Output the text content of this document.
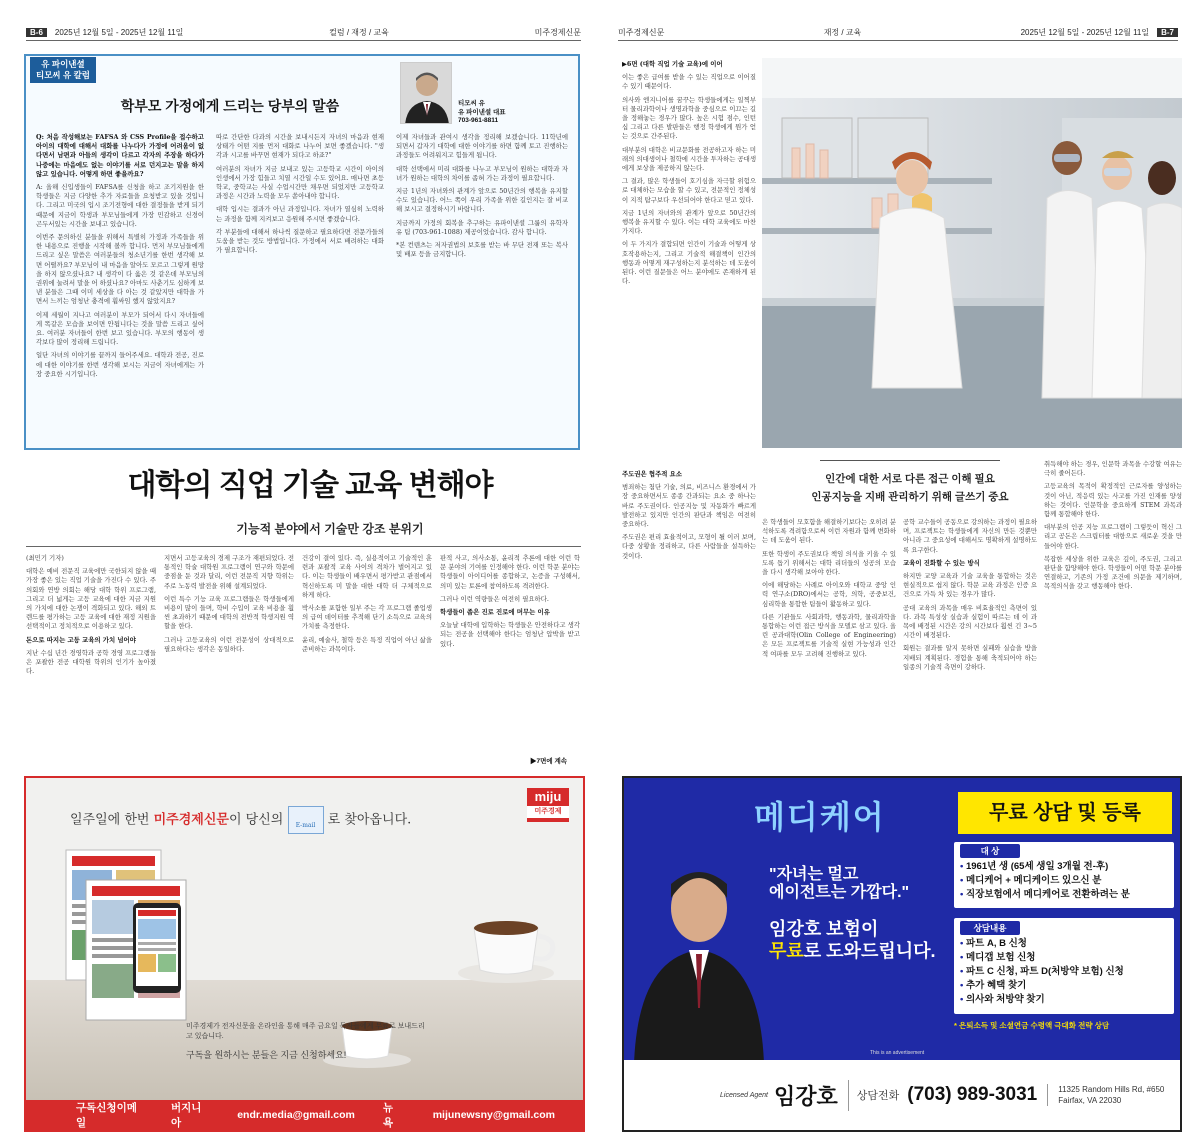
B-6	2025년 12월 5일 - 2025년 12월 11일	컬럼 / 재정 / 교육	미주경제신문
유 파이낸셜
티모씨 유 칼럼
학부모 가정에게 드리는 당부의 말씀	티모씨 유
유 파이낸셜 대표
703-961-8811

Q: 처음 작성해보는 FAFSA 와 CSS Profile을 접수하고 아이의 대학에 대해서 대화를 나누다가 가정에 어려움이 없다면서 남편과 아들의 생각이 다르고 각자의 주장을 하다가 나중에는 마음에도 없는 이야기를 서로 던지고는 말을 하지 않고 있습니다. 어떻게 하면 좋을까요?

A: 올해 신입생들이 FAFSA를 신청을 하고 조기지원을 한 학생들은 지금 다양한 추가 자료들을 요청받고 있을 것입니다. 그리고 미국의 입시 조기전형에 대한 결정들을 받게 되기 때문에 지금이 학생과 부모님들에게 가장 민감하고 신경이 곤두서있는 시간을 보내고 있습니다.

이번주 문의하신 분들을 위해서 특별히 가정과 가족들을 위한 내용으로 진행을 시작해 볼까 합니다. 먼저 부모님들에게 드리고 싶은 말씀은 여러분들의 청소년기를 한번 생각해 보면 어떨까요? 부모님이 내 마음을 알아도 모르고 그렇게 원망을 하지 않으셨나요? 내 생각이 다 옳은 것 같은데 부모님의 권위에 눌려서 말을 어 하셨나요? 아마도 사춘기도 심하게 보낸 분들은 그때 이미 세상을 다 아는 것 같았지만 대학을 가면서 느끼는 엄청난 충격에 휩싸임 했지 않았지요?

이제 세월이 지나고 여러분이 부모가 되어서 다시 자녀들에게 똑같은 모습을 보이면 안됩니다는 것을 말씀 드리고 싶어요. 여러분 자녀들이 한번 보고 있습니다. 부모의 행동이 생각보다 많이 정리해 드립니다.

일단 자녀의 이야기를 끝까지 들어주세요. 대학과 전공, 진로에 대한 이야기를 한번 생각해 보시는 지금이 자녀에게는 가장 중요한 시기입니다.

따로 간단한 다과의 시간을 보내시든지 자녀의 마음과 현재 상태가 어떤 지를 먼저 대화로 나누어 보면 좋겠습니다. "생각과 시고를 바꾸면 현재가 되다고 하죠?"

여러분의 자녀가 지금 보내고 있는 고등학교 시간이 아이의 인생에서 가장 힘들고 치열 시간일 수도 있어요. 매나면 초등학교, 중학교는 사실 수업시간만 채우면 되었지만 고등학교 과정은 시간과 노력을 모두 쏟아내야 합니다.

대학 입시는 결과가 아닌 과정입니다. 자녀가 열심히 노력하는 과정을 함께 지켜보고 응원해 주시면 좋겠습니다.

각 부분들에 대해서 하나씩 질문하고 필요하다면 전문가들의 도움을 받는 것도 방법입니다. 가정에서 서로 배려하는 대화가 필요합니다.

이제 자녀들과 관여시 생각을 정리해 보겠습니다. 11학년에 되면서 갑자기 대학에 대한 이야기를 하면 함께 토고 진행하는 과정들도 어려워지고 힘들게 됩니다.

대학 선택에서 미리 대화를 나누고 부모님이 원하는 대학과 자녀가 원하는 대학의 차이를 좁혀 가는 과정이 필요합니다.

지금 1년의 자녀와의 관계가 앞으로 50년간의 행복을 유지할 수도 있습니다. 어느 쪽이 우리 가족을 위한 길인지는 잘 비교해 보시고 결정하시기 바랍니다.

지금까지 가정의 회복을 추구하는 유파이낸셜 그룹의 유학자유 팀 (703-961-1088) 제공이었습니다. 감사 합니다.

*본 컨텐츠는 저자권법의 보호를 받는 바 무단 전재 또는 복사 및 배포 등을 금지합니다.

대학의 직업 기술 교육 변해야
기능적 분야에서 기술만 강조 분위기

(최민기 기자)

대학은 예비 전문직 교육에만 국한되지 않을 때 가장 좋은 있는 직업 기술을 가진다 수 있다. 주 의회와 연방 의회는 해당 대학 학위 프로그램, 그리고 더 넓게는 고등 교육에 대한 지금 지원의 가치에 대한 논쟁이 격화되고 있다. 해외 트렌드를 평가하는 고등 교육에 대한 재정 지원을 선택적이고 정치적으로 이용하고 있다.

돈으로 따지는 고등 교육의 가치 넘어야

지난 수십 년간 경영학과 공학 경영 프로그램들은 포괄한 전공 대학원 학위의 인기가 높아졌다.

지면서 고등교육의 경제 구조가 재편되었다. 전통적인 학술 대학원 프로그램이 연구와 학문에 중점을 둔 것과 달리, 이런 전문직 지향 학위는 주로 노동력 발전을 위해 설계되었다.

이런 특수 기능 교육 프로그램들은 학생들에게 비용이 많이 들며, 학비 수입이 교육 비용을 훨씬 초과하기 때문에 대학의 전반적 학생지원 역할을 한다.

그러나 고등교육의 이런 전문성이 상대적으로 필요하다는 생각은 동일하다.

건강이 결여 있다. 즉, 실용적이고 기술적인 훈련과 포괄적 교육 사이의 격차가 벌어지고 있다. 이는 학생들이 배우면서 평가받고 관점에서 혁신하도록 미 말을 대한 대학 더 구체적으로 하게 하다.

박사소를 포함한 일부 주는 각 프로그램 졸업생의 급여 데이터를 추적해 단기 소득으로 교육의 가치를 측정한다.

윤리, 예술사, 철학 등은 특정 직업이 아닌 삶을 준비하는 과목이다.

판적 사고, 의사소통, 윤리적 추론에 대한 이런 학문 분야의 기여를 인정해야 한다. 이런 학문 분야는 학생들이 아이디어를 종합하고, 논증을 구성해서, 의미 있는 토론에 참여하도록 격려한다.

그러나 이런 역량들은 여전히 필요하다.

학생들이 좁은 진로 진로에 머무는 이유

오늘날 대학에 입학하는 학생들은 안전하다고 생각되는 전공을 선택해야 한다는 엄청난 압박을 받고 있다.

▶7면에 계속
miju
미주경제
일주일에 한번 미주경제신문이 당신의 E-mail 로 찾아옵니다.
미주경제가 전자신문을 온라인을 통해 매주 금요일 독자들에게 무료로 보내드리고 있습니다.
구독을 원하시는 분들은 지금 신청하세요!
구독신청이메일
버지니아
endr.media@gmail.com
뉴 욕
mijunewsny@gmail.com
미주경제신문	재정 / 교육	2025년 12월 5일 - 2025년 12월 11일	B-7

▶6면 (대학 직업 기술 교육)에 이어

이는 좋은 급여를 받을 수 있는 직업으로 이어질 수 있기 때문이다.

의사와 엔지니어를 꿈꾸는 학생들에게는 일찍부터 물리과학이나 생명과학을 중심으로 이끄는 길을 정해놓는 경우가 많다. 높은 시험 점수, 인턴십 그리고 다른 발판들은 행정 학생에게 뭔가 얻는 것으로 간주된다.

대부분의 대학은 비교문화를 전공하고자 하는 미래의 의대생이나 철학에 시간을 투자하는 공대생에게 보상을 제공하지 않는다.

그 결과, 많은 학생들이 호기심을 자극할 위험으로 대체하는 모습을 할 수 있고, 전문적인 정체성이 지적 탐구보다 우선되어야 한다고 믿고 있다.

지금 1년의 자녀와의 관계가 앞으로 50년간의 행복을 유지할 수 있다. 이는 대학 교육에도 마찬가지다.

이 두 가지가 결합되면 인간이 기술과 어떻게 상호작용하는지, 그리고 기술적 해결책이 인간의 행동과 어떻게 재구성하는지 분석하는 데 도움이 된다. 이런 질문들은 어느 분야에도 존재하게 된다.

인간에 대한 서로 다른 접근 이해 필요
인공지능을 지배 관리하기 위해 글쓰기 중요

주도권은 협주적 요소

범죄하는 첨단 기술, 의료, 비즈니스 환경에서 가장 중요하면서도 종종 간과되는 요소 중 하나는 바로 주도권이다. 인공지능 및 자동화가 빠르게 발전하고 있지만 인간의 판단과 책임은 여전히 중요하다.

주도권은 편리 효율적이고, 모형이 될 이러 보며, 다중 상황을 정리하고, 다른 사람들을 설득하는 것이다.

은 학생들이 모호함을 해결하기보다는 오히려 분석하도록 격려함으로써 이런 자원과 함께 변화하는 데 도움이 된다.

또한 학생이 주도권보다 책임 의식을 키울 수 있도록 돕기 위해서는 대학 리더들의 성공의 모습을 다시 생각해 보아야 한다.

이에 해당하는 사례로 아이오와 대학교 중앙 인력 연구소(DRO)에서는 공학, 의학, 공중보건, 심리학을 통합한 팀들이 활동하고 있다.

다른 기관들도 사회과학, 행동과학, 물리과학을 통합하는 이런 접근 방식을 모델로 삼고 있다. 올린 공과대학(Olin College of Engineering)은 모든 프로젝트를 기술적 실현 가능성과 인간적 여파를 모두 고려해 진행하고 있다.

공학 교수들이 공동으로 강의하는 과정이 필요하며, 프로젝트는 학생들에게 자신의 만든 것뿐만 아니라 그 중요성에 대해서도 명확하게 설명하도록 요구한다.

교육이 진화할 수 있는 방식

하지만 교양 교육과 기술 교육을 통합하는 것은 현실적으로 쉽지 않다. 학문 교육 과정은 인증 요건으로 가득 차 있는 경우가 많다.

공대 교육의 과목을 매우 비효율적인 측면이 있다. 과목 특성상 실습과 실험이 따르는 데 이 과목에 배정된 시간은 강의 시간보다 훨씬 긴 3~5시간이 배정된다.

회원는 결과를 알지 못하면 실패와 실습을 방을 지배되 계획된다. 경험을 통해 축적되어야 하는 일종의 기술적 측면이 강하다.

취득해야 하는 경우, 인문학 과목을 수강할 여유는 극히 줄어든다.

고등교육의 목적이 확정적인 근로자를 양성하는 것이 아닌, 적응력 있는 사고를 가진 인재를 양성하는 것이다. 인문학을 중요하게 STEM 과목과 함께 통합해야 한다.

대부분의 인공 지능 프로그램이 그렇듯이 혁신 그리고 공돈은 스크립터를 대항으로 새로운 것을 만들어야 한다.

복잡한 세상을 위한 교육은 깊이, 주도권, 그리고 판단을 함양해야 한다. 학생들이 어떤 학문 분야를 연결하고, 기존의 가정 조건에 의문을 제기하며, 목적의식을 갖고 행동해야 한다.

메디케어	무료 상담 및 등록
"자녀는 멀고
에이전트는 가깝다."
임강호 보험이
무료로 도와드립니다.
대 상
• 1961년 생 (65세 생일 3개월 전-후)
• 메디케어 + 메디케이드 있으신 분
• 직장보험에서 메디케어로 전환하려는 분
상담내용
• 파트 A, B 신청
• 메디갭 보험 신청
• 파트 C 신청, 파트 D(처방약 보험) 신청
• 추가 혜택 찾기
• 의사와 처방약 찾기
* 은퇴소득 및 소셜연금 수령액 극대화 전략 상담
This is an advertisement
Licensed Agent 임강호	상담전화 (703) 989-3031	11325 Random Hills Rd, #650
Fairfax, VA 22030
